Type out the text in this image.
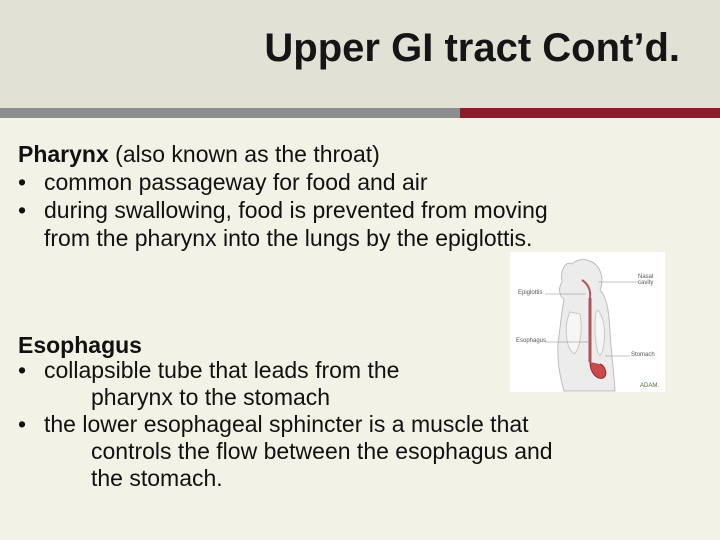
Upper GI tract Cont’d.
Pharynx (also known as the throat)
• common passageway for food and air
• during swallowing, food is prevented from moving
from the pharynx into the lungs by the epiglottis.
Nasal cavity
Epiglottis
Esophagus
Stomach
ADAM.
Esophagus
• collapsible tube that leads from the
pharynx to the stomach
• the lower esophageal sphincter is a muscle that
controls the flow between the esophagus and
the stomach.
